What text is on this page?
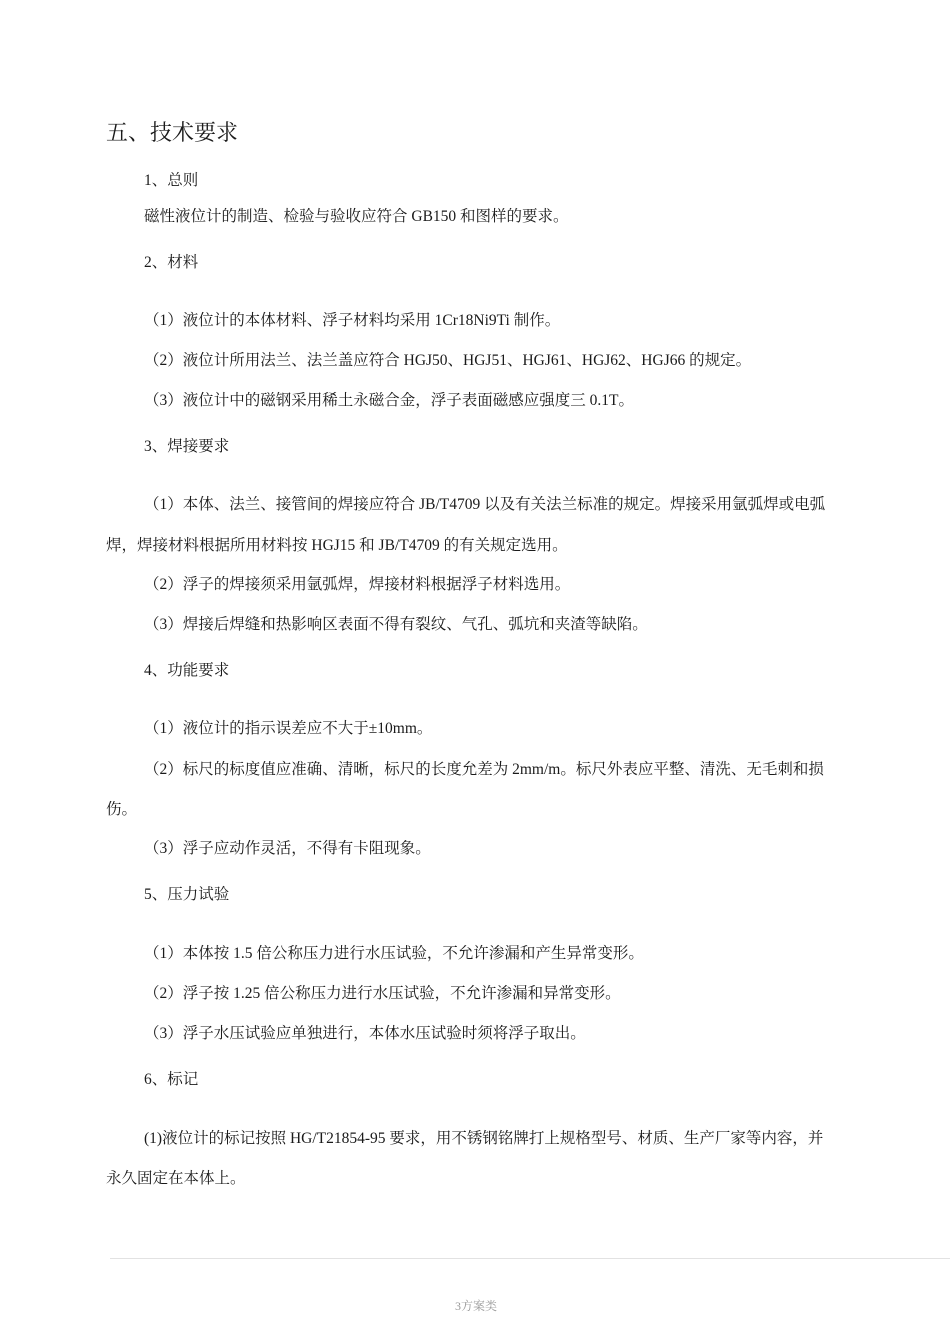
五、技术要求

1、总则

磁性液位计的制造、检验与验收应符合 GB150 和图样的要求。

2、材料

（1）液位计的本体材料、浮子材料均采用 1Cr18Ni9Ti 制作。

（2）液位计所用法兰、法兰盖应符合 HGJ50、HGJ51、HGJ61、HGJ62、HGJ66 的规定。

（3）液位计中的磁钢采用稀土永磁合金，浮子表面磁感应强度三 0.1T。

3、焊接要求

（1）本体、法兰、接管间的焊接应符合 JB/T4709 以及有关法兰标准的规定。焊接采用氩弧焊或电弧

焊，焊接材料根据所用材料按 HGJ15 和 JB/T4709 的有关规定选用。

（2）浮子的焊接须采用氩弧焊，焊接材料根据浮子材料选用。

（3）焊接后焊缝和热影响区表面不得有裂纹、气孔、弧坑和夹渣等缺陷。

4、功能要求

（1）液位计的指示误差应不大于±10mm。

（2）标尺的标度值应准确、清晰，标尺的长度允差为 2mm/m。标尺外表应平整、清洗、无毛刺和损

伤。

（3）浮子应动作灵活，不得有卡阻现象。

5、压力试验

（1）本体按 1.5 倍公称压力进行水压试验，不允许渗漏和产生异常变形。

（2）浮子按 1.25 倍公称压力进行水压试验，不允许渗漏和异常变形。

（3）浮子水压试验应单独进行，本体水压试验时须将浮子取出。

6、标记

(1)液位计的标记按照 HG/T21854-95 要求，用不锈钢铭牌打上规格型号、材质、生产厂家等内容，并

永久固定在本体上。

3方案类
